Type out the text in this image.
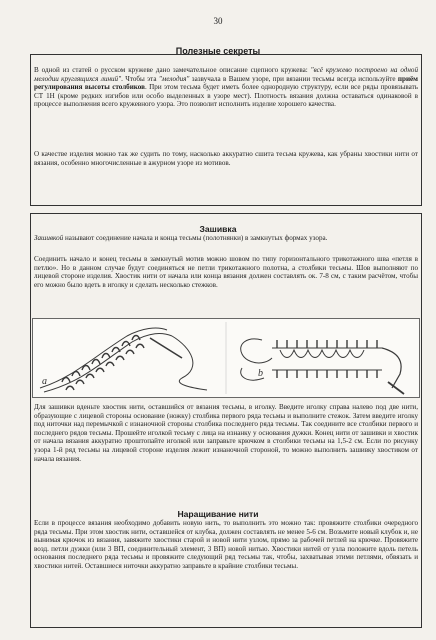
30
Полезные секреты
В одной из статей о русском кружеве дано замечательное описание сцепного кружева: "всё кружево построено на одной мелодии круглящихся линий". Чтобы эта "мелодия" зазвучала в Вашем узоре, при вязании тесьмы всегда используйте приём регулирования высоты столбиков. При этом тесьма будет иметь более однородную структуру, если все ряды провязывать СТ 1Н (кроме редких изгибов или особо выделенных в узоре мест). Плотность вязания должна оставаться одинаковой в процессе выполнения всего кружевного узора. Это позволит исполнить изделие хорошего качества.
О качестве изделия можно так же судить по тому, насколько аккуратно сшита тесьма кружева, как убраны хвостики нити от вязания, особенно многочисленные в ажурном узоре из мотивов.
Зашивка
Зашивкой называют соединение начала и конца тесьмы (полотнянки) в замкнутых формах узора.
Соединить начало и конец тесьмы в замкнутый мотив можно шовом по типу горизонтального трикотажного шва «петля в петлю». Но в данном случае будут соединяться не петли трикотажного полотна, а столбики тесьмы. Шов выполняют по лицевой стороне изделия. Хвостик нити от начала или конца вязания должен составлять ок. 7-8 см, с таким расчётом, чтобы его можно было вдеть в иголку и сделать несколько стежков.
a
b
Для зашивки вденьте хвостик нити, оставшийся от вязания тесьмы, в иголку. Введите иголку справа налево под две нити, образующие с лицевой стороны основание (ножку) столбика первого ряда тесьмы и выполните стежок. Затем введите иголку под ниточки над перемычкой с изнаночной стороны столбика последнего ряда тесьмы. Так соедините все столбики первого и последнего рядов тесьмы. Прошейте иголкой тесьму с лица на изнанку у основания дужки. Конец нити от зашивки и хвостик от начала вязания аккуратно проштопайте иголкой или заправьте крючком в столбики тесьмы на 1,5-2 см. Если по рисунку узора 1-й ряд тесьмы на лицевой стороне изделия лежит изнаночной стороной, то можно выполнить зашивку хвостиком от начала вязания.
Наращивание нити
Если в процессе вязания необходимо добавить новую нить, то выполнить это можно так: провяжите столбики очередного ряда тесьмы. При этом хвостик нити, оставшейся от клубка, должен составлять не менее 5-6 см. Возьмите новый клубок и, не вынимая крючок из вязания, завяжите хвостики старой и новой нити узлом, прямо за рабочей петлей на крючке. Провяжите возд. петли дужки (или 3 ВП, соединительный элемент, 3 ВП) новой нитью. Хвостики нитей от узла положите вдоль петель основания последнего ряда тесьмы и провяжите следующий ряд тесьмы так, чтобы, захватывая этими петлями, обвязать и хвостики нитей. Оставшиеся ниточки аккуратно заправьте в крайние столбики тесьмы.
